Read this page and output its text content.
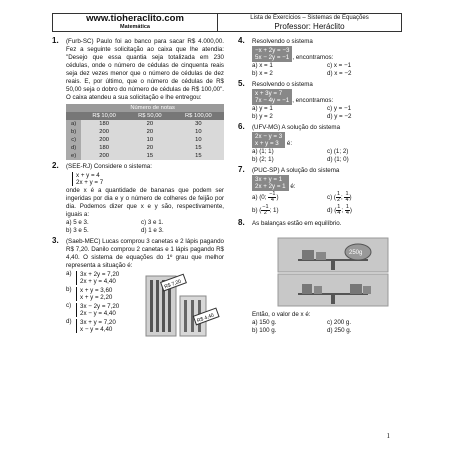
www.tioheraclito.com
Matemática
Lista de Exercícios – Sistemas de Equações
Professor: Heráclito
1. (Furb-SC) Paulo foi ao banco para sacar R$ 4.000,00. Fez a seguinte solicitação ao caixa que lhe atendia: "Desejo que essa quantia seja totalizada em 230 cédulas, onde o número de cédulas de cinquenta reais seja dez vezes menor que o número de cédulas de dez reais. E, por último, que o número de cédulas de R$ 50,00 seja o dobro do número de cédulas de R$ 100,00". O caixa atendeu a sua solicitação e lhe entregou:
	Número de notas		
	R$ 10,00	R$ 50,00	R$ 100,00
a)	180	20	30
b)	200	20	10
c)	200	10	10
d)	180	20	15
e)	200	15	15
2. (SEE-RJ) Considere o sistema:
x + y = 4
2x + y = 7
onde x é a quantidade de bananas que podem ser ingeridas por dia e y o número de colheres de feijão por dia. Podemos dizer que x e y são, respectivamente, iguais a:
a) 5 e 3.	c) 3 e 1.
b) 3 e 5.	d) 1 e 3.
3. (Saeb-MEC) Lucas comprou 3 canetas e 2 lápis pagando R$ 7,20. Danilo comprou 2 canetas e 1 lápis pagando R$ 4,40. O sistema de equações do 1º grau que melhor representa a situação é:
a) 3x + 2y = 7,20
2x + y = 4,40
b) x + y = 3,60
x + y = 2,20
c) 3x − 2y = 7,20
2x − y = 4,40
d) 3x + y = 7,20
x − y = 4,40
R$ 7,20
R$ 4,40
4. Resolvendo o sistema
−x + 2y = −3
5x − 2y = −1 , encontramos:
a) x = 1	c) x = −1
b) x = 2	d) x = −2
5. Resolvendo o sistema
x + 3y = 7
7x − 4y = −1 , encontramos:
a) y = 1	c) y = −1
b) y = 2	d) y = −2
6. (UFV-MG) A solução do sistema
2x − y = 3
x + y = 3 é:
a) (1; 1)	c) (1; 2)
b) (2; 1)	d) (1; 0)
7. (PUC-SP) A solução do sistema
3x + y = 1
2x + 2y = 1 é:
a) (0; $\frac{-1}{4}$ )	c) ( $\frac{1}{2}$ ; $\frac{1}{4}$ )
b) ( $\frac{-1}{2}$ ; 1)	d) ( $\frac{1}{4}$ ; $\frac{1}{4}$ )
8. As balanças estão em equilíbrio.
250g
Então, o valor de x é:
a) 150 g.	c) 200 g.
b) 100 g.	d) 250 g.
1
